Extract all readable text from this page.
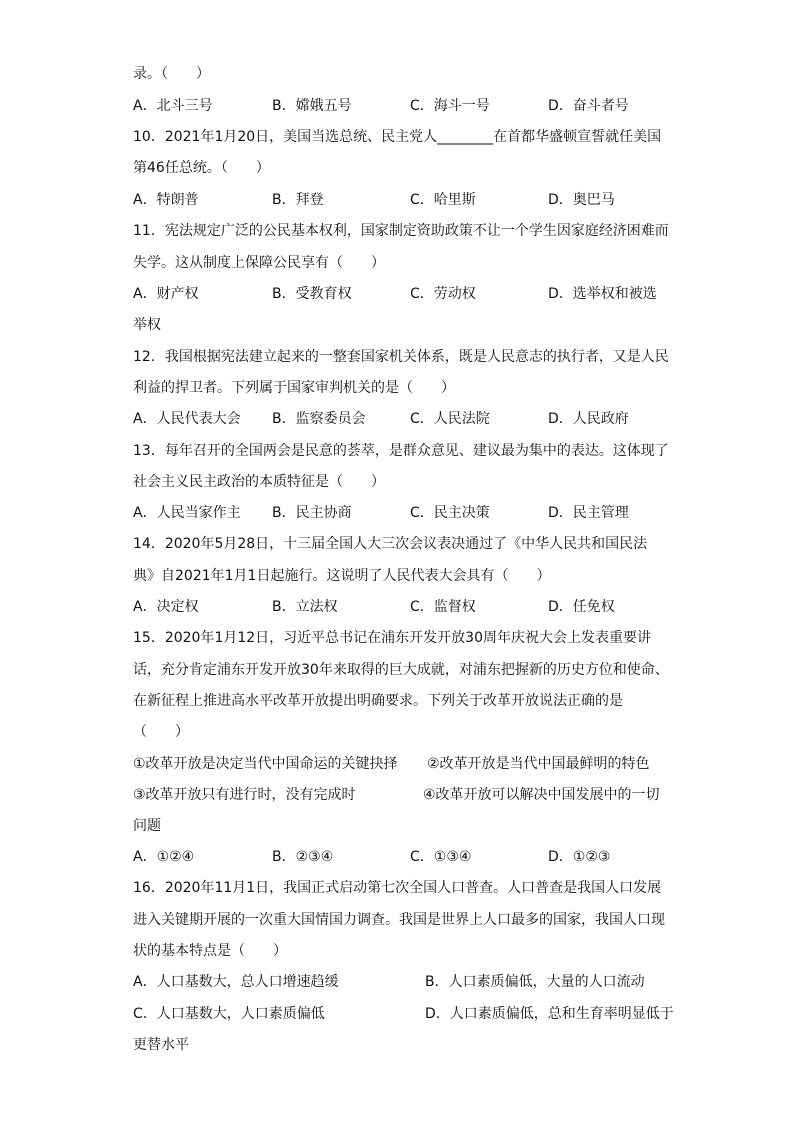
录。（　　）
A．北斗三号	B．嫦娥五号	C．海斗一号	D．奋斗者号
10．2021年1月20日，美国当选总统、民主党人________在首都华盛顿宣誓就任美国
第46任总统。（　　）
A．特朗普	B．拜登	C．哈里斯	D．奥巴马
11．宪法规定广泛的公民基本权利，国家制定资助政策不让一个学生因家庭经济困难而
失学。这从制度上保障公民享有（　　）
A．财产权	B．受教育权	C．劳动权	D．选举权和被选
举权
12．我国根据宪法建立起来的一整套国家机关体系，既是人民意志的执行者，又是人民
利益的捍卫者。下列属于国家审判机关的是（　　）
A．人民代表大会 B．监察委员会	C．人民法院	D．人民政府
13．每年召开的全国两会是民意的荟萃，是群众意见、建议最为集中的表达。这体现了
社会主义民主政治的本质特征是（　　）
A．人民当家作主 B．民主协商	C．民主决策	D．民主管理
14．2020年5月28日，十三届全国人大三次会议表决通过了《中华人民共和国民法
典》自2021年1月1日起施行。这说明了人民代表大会具有（　　）
A．决定权	B．立法权	C．监督权	D．任免权
15．2020年1月12日，习近平总书记在浦东开发开放30周年庆祝大会上发表重要讲
话，充分肯定浦东开发开放30年来取得的巨大成就，对浦东把握新的历史方位和使命、
在新征程上推进高水平改革开放提出明确要求。下列关于改革开放说法正确的是
（　　）
①改革开放是决定当代中国命运的关键抉择 ②改革开放是当代中国最鲜明的特色
③改革开放只有进行时，没有完成时	④改革开放可以解决中国发展中的一切
问题
A．①②④	B．②③④	C．①③④	D．①②③
16．2020年11月1日，我国正式启动第七次全国人口普查。人口普查是我国人口发展
进入关键期开展的一次重大国情国力调查。我国是世界上人口最多的国家，我国人口现
状的基本特点是（　　）
A．人口基数大，总人口增速趋缓	B．人口素质偏低，大量的人口流动
C．人口基数大，人口素质偏低	D．人口素质偏低，总和生育率明显低于
更替水平
